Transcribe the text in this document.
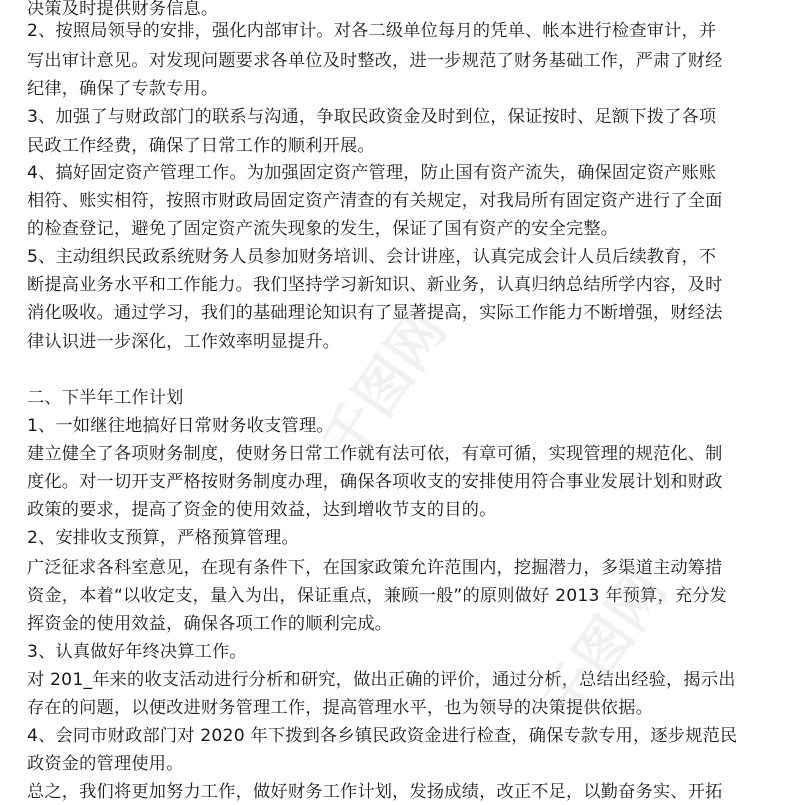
决策及时提供财务信息。
2、按照局领导的安排，强化内部审计。对各二级单位每月的凭单、帐本进行检查审计，并
写出审计意见。对发现问题要求各单位及时整改，进一步规范了财务基础工作，严肃了财经
纪律，确保了专款专用。
3、加强了与财政部门的联系与沟通，争取民政资金及时到位，保证按时、足额下拨了各项
民政工作经费，确保了日常工作的顺利开展。
4、搞好固定资产管理工作。为加强固定资产管理，防止国有资产流失，确保固定资产账账
相符、账实相符，按照市财政局固定资产清查的有关规定，对我局所有固定资产进行了全面
的检查登记，避免了固定资产流失现象的发生，保证了国有资产的安全完整。
5、主动组织民政系统财务人员参加财务培训、会计讲座，认真完成会计人员后续教育，不
断提高业务水平和工作能力。我们坚持学习新知识、新业务，认真归纳总结所学内容，及时
消化吸收。通过学习，我们的基础理论知识有了显著提高，实际工作能力不断增强，财经法
律认识进一步深化，工作效率明显提升。
二、下半年工作计划
1、一如继往地搞好日常财务收支管理。
建立健全了各项财务制度，使财务日常工作就有法可依，有章可循，实现管理的规范化、制
度化。对一切开支严格按财务制度办理，确保各项收支的安排使用符合事业发展计划和财政
政策的要求，提高了资金的使用效益，达到增收节支的目的。
2、安排收支预算，严格预算管理。
广泛征求各科室意见，在现有条件下，在国家政策允许范围内，挖掘潜力，多渠道主动筹措
资金，本着“以收定支，量入为出，保证重点，兼顾一般”的原则做好 2013 年预算，充分发
挥资金的使用效益，确保各项工作的顺利完成。
3、认真做好年终决算工作。
对 201_年来的收支活动进行分析和研究，做出正确的评价，通过分析，总结出经验，揭示出
存在的问题，以便改进财务管理工作，提高管理水平，也为领导的决策提供依据。
4、会同市财政部门对 2020 年下拨到各乡镇民政资金进行检查，确保专款专用，逐步规范民
政资金的管理使用。
总之，我们将更加努力工作，做好财务工作计划，发扬成绩，改正不足，以勤奋务实、开拓
千图网
千图网
